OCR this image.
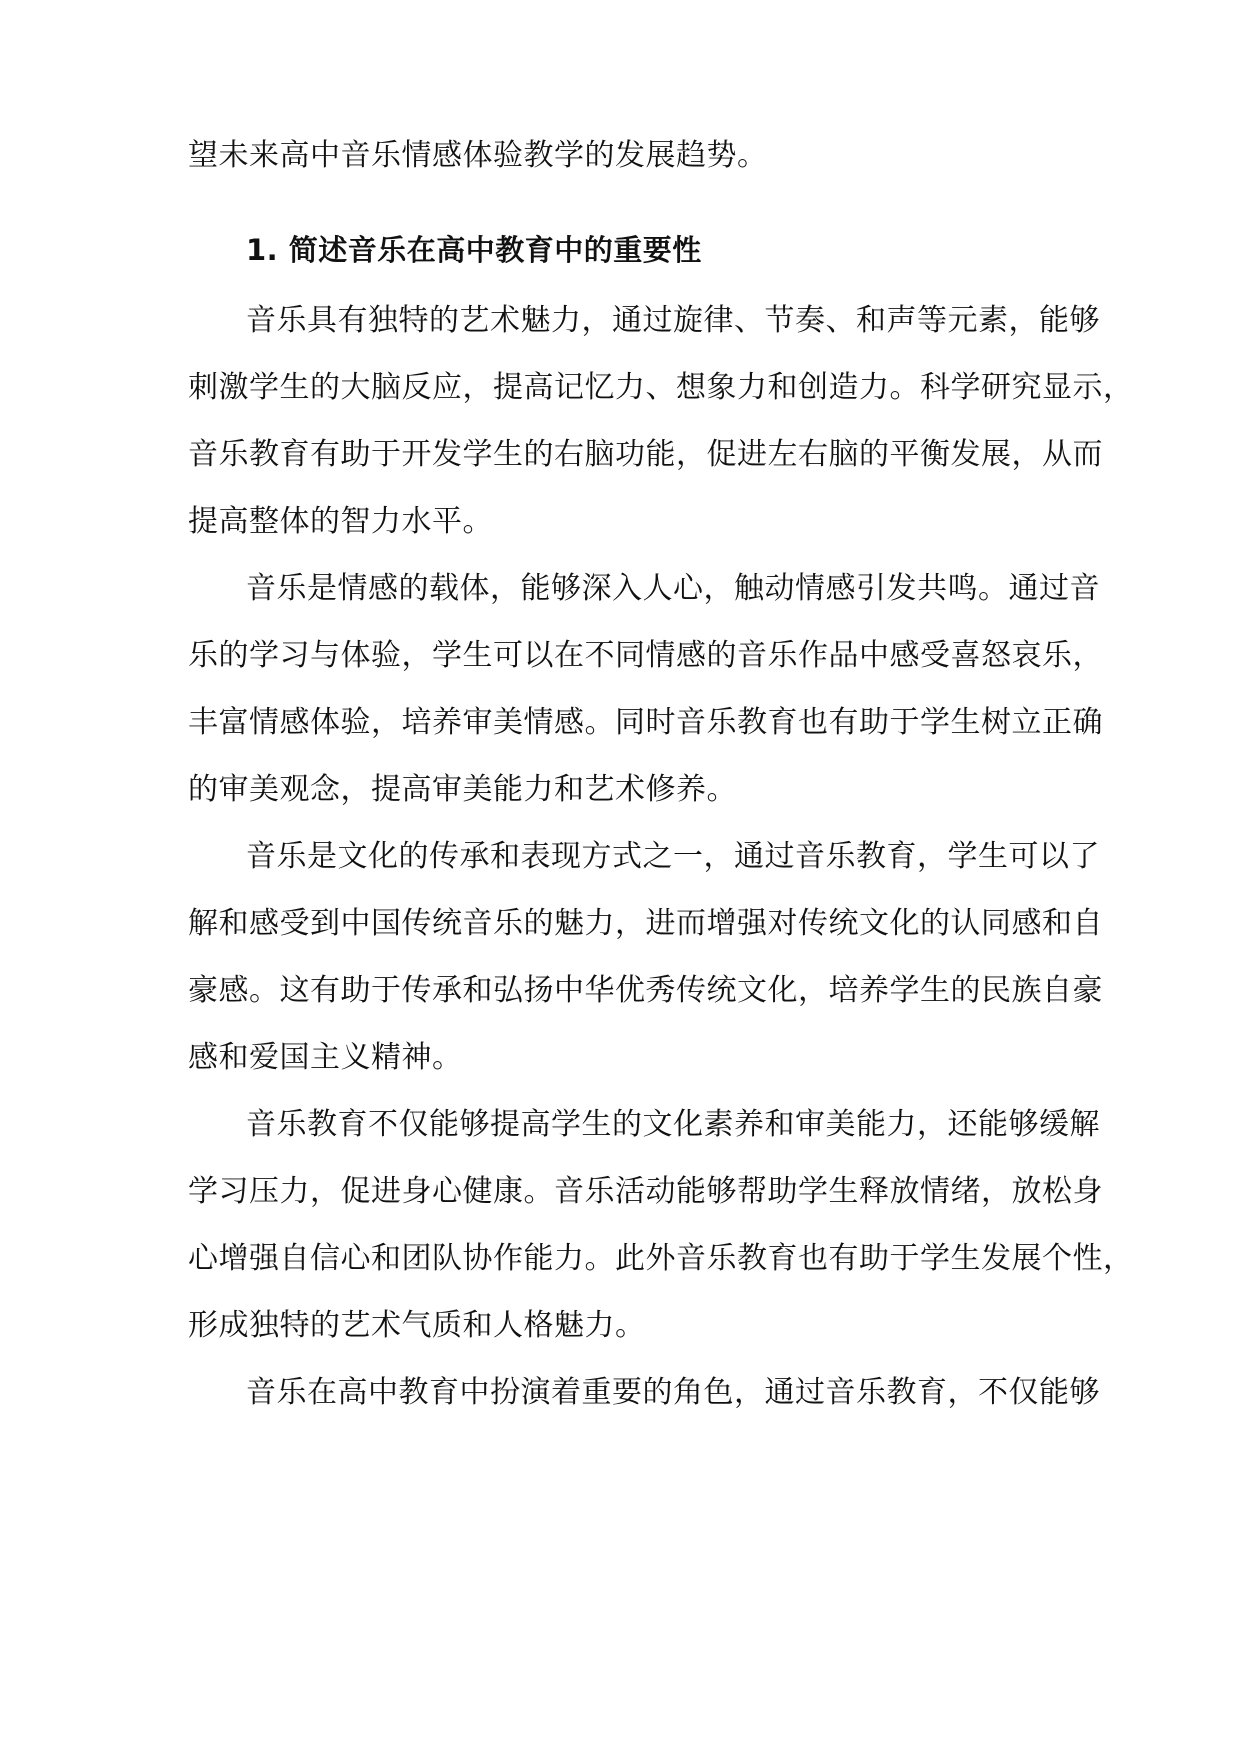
望未来高中音乐情感体验教学的发展趋势。
1. 简述音乐在高中教育中的重要性
音乐具有独特的艺术魅力，通过旋律、节奏、和声等元素，能够
刺激学生的大脑反应，提高记忆力、想象力和创造力。科学研究显示，
音乐教育有助于开发学生的右脑功能，促进左右脑的平衡发展，从而
提高整体的智力水平。
音乐是情感的载体，能够深入人心，触动情感引发共鸣。通过音
乐的学习与体验，学生可以在不同情感的音乐作品中感受喜怒哀乐，
丰富情感体验，培养审美情感。同时音乐教育也有助于学生树立正确
的审美观念，提高审美能力和艺术修养。
音乐是文化的传承和表现方式之一，通过音乐教育，学生可以了
解和感受到中国传统音乐的魅力，进而增强对传统文化的认同感和自
豪感。这有助于传承和弘扬中华优秀传统文化，培养学生的民族自豪
感和爱国主义精神。
音乐教育不仅能够提高学生的文化素养和审美能力，还能够缓解
学习压力，促进身心健康。音乐活动能够帮助学生释放情绪，放松身
心增强自信心和团队协作能力。此外音乐教育也有助于学生发展个性，
形成独特的艺术气质和人格魅力。
音乐在高中教育中扮演着重要的角色，通过音乐教育，不仅能够
